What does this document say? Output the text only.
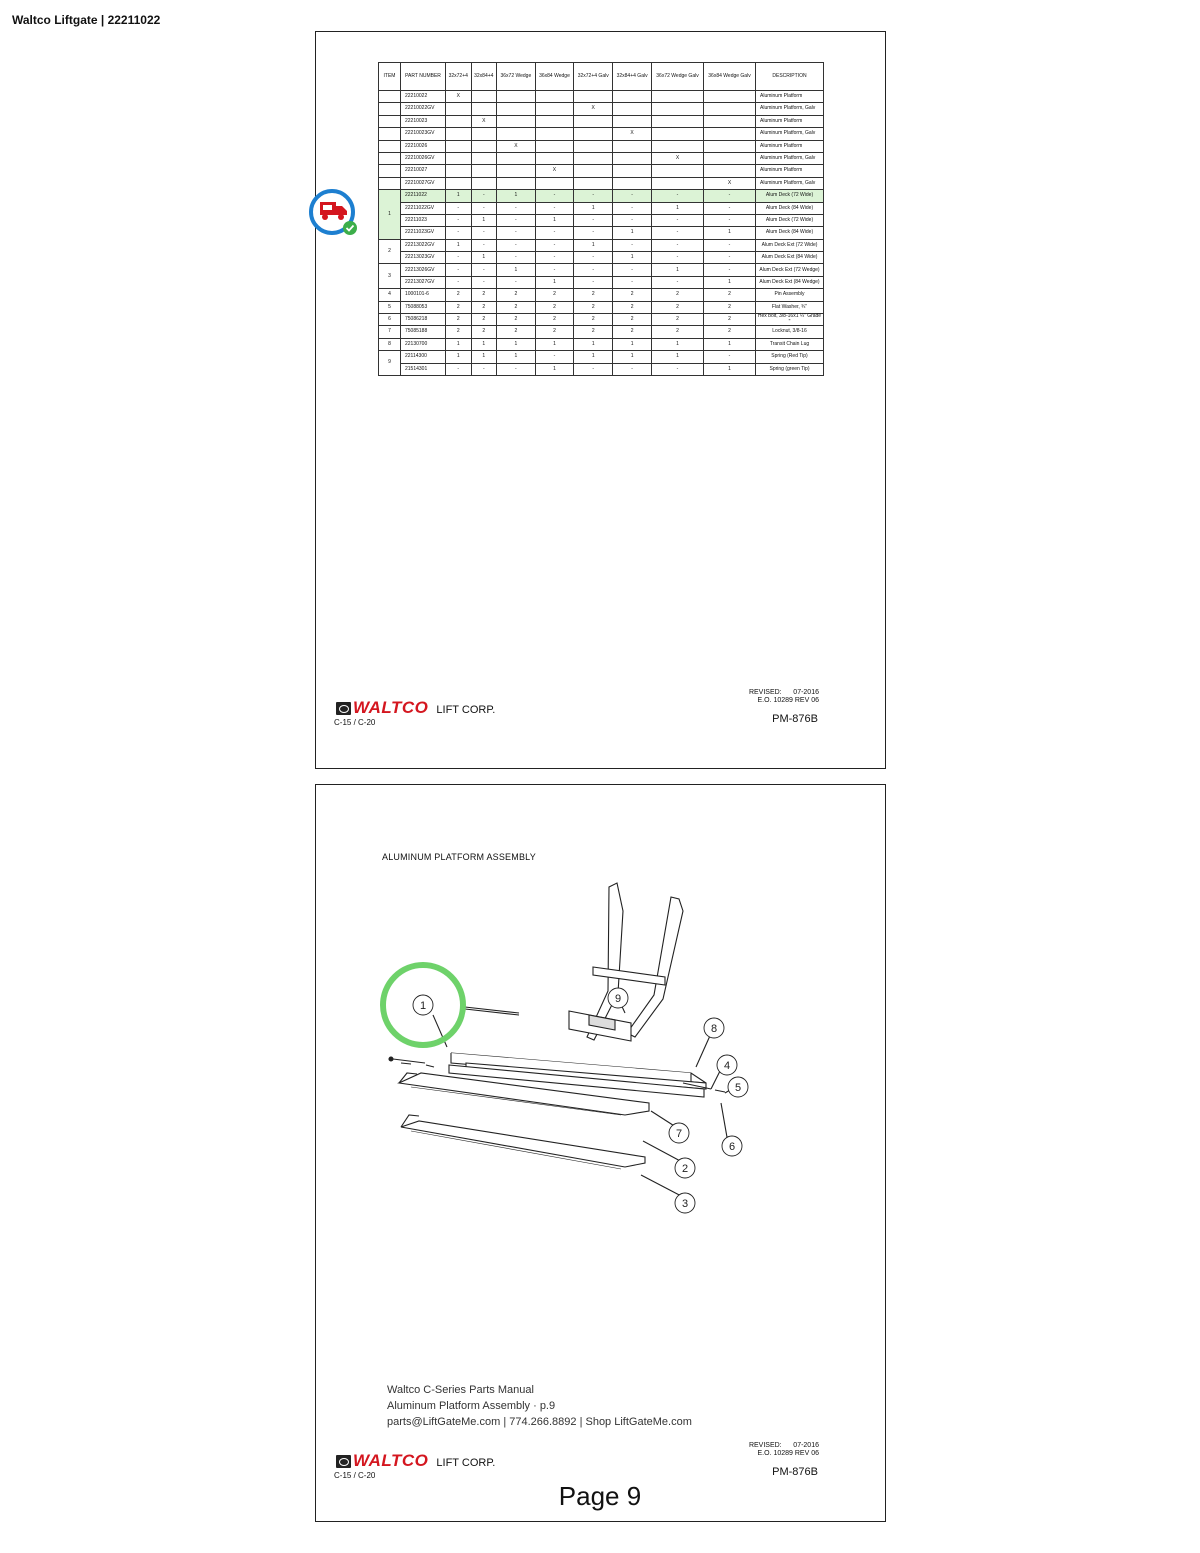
Waltco Liftgate | 22211022
ITEM	PART NUMBER	32x72+4	32x84+4	36x72 Wedge	36x84 Wedge	32x72+4 Galv	32x84+4 Galv	36x72 Wedge Galv	36x84 Wedge Galv	DESCRIPTION
	22210022	X								Aluminum Platform
	22210022GV					X				Aluminum Platform, Galv
	22210023		X							Aluminum Platform
	22210023GV						X			Aluminum Platform, Galv
	22210026			X						Aluminum Platform
	22210026GV							X		Aluminum Platform, Galv
	22210027				X					Aluminum Platform
	22210027GV								X	Aluminum Platform, Galv
1	22211022	1	-	1	-	-	-	-	-	Alum Deck (72 Wide)
	22211022GV	-	-	-	-	1	-	1	-	Alum Deck (84 Wide)
	22211023	-	1	-	1	-	-	-	-	Alum Deck (72 Wide)
	22211023GV	-	-	-	-	-	1	-	1	Alum Deck (84 Wide)
2	22213022GV	1	-	-	-	1	-	-	-	Alum Deck Ext (72 Wide)
	22213023GV	-	1	-	-	-	1	-	-	Alum Deck Ext (84 Wide)
3	22213026GV	-	-	1	-	-	-	1	-	Alum Deck Ext (72 Wedge)
	22213027GV	-	-	-	1	-	-	-	1	Alum Deck Ext (84 Wedge)
4	1000101-6	2	2	2	2	2	2	2	2	Pin Assembly
5	75088053	2	2	2	2	2	2	2	2	Flat Washer, ¾"
6	75086218	2	2	2	2	2	2	2	2	Hex bolt, 3/8-16x1 ¼" Grade "
7	75085188	2	2	2	2	2	2	2	2	Locknut, 3/8-16
8	22130700	1	1	1	1	1	1	1	1	Transit Chain Lug
9	22114300	1	1	1	-	1	1	1	-	Spring (Red Tip)
	21514301	-	-	-	1	-	-	-	1	Spring (green Tip)
WALTCO LIFT CORP.
C-15 / C-20
REVISED: 07-2016
E.O. 10289 REV 06
PM-876B
ALUMINUM PLATFORM ASSEMBLY
1
9
8
4
5
6
7
2
3
Waltco C-Series Parts Manual
Aluminum Platform Assembly · p.9
parts@LiftGateMe.com | 774.266.8892 | Shop LiftGateMe.com
WALTCO LIFT CORP.
C-15 / C-20
REVISED: 07-2016
E.O. 10289 REV 06
PM-876B
Page 9
